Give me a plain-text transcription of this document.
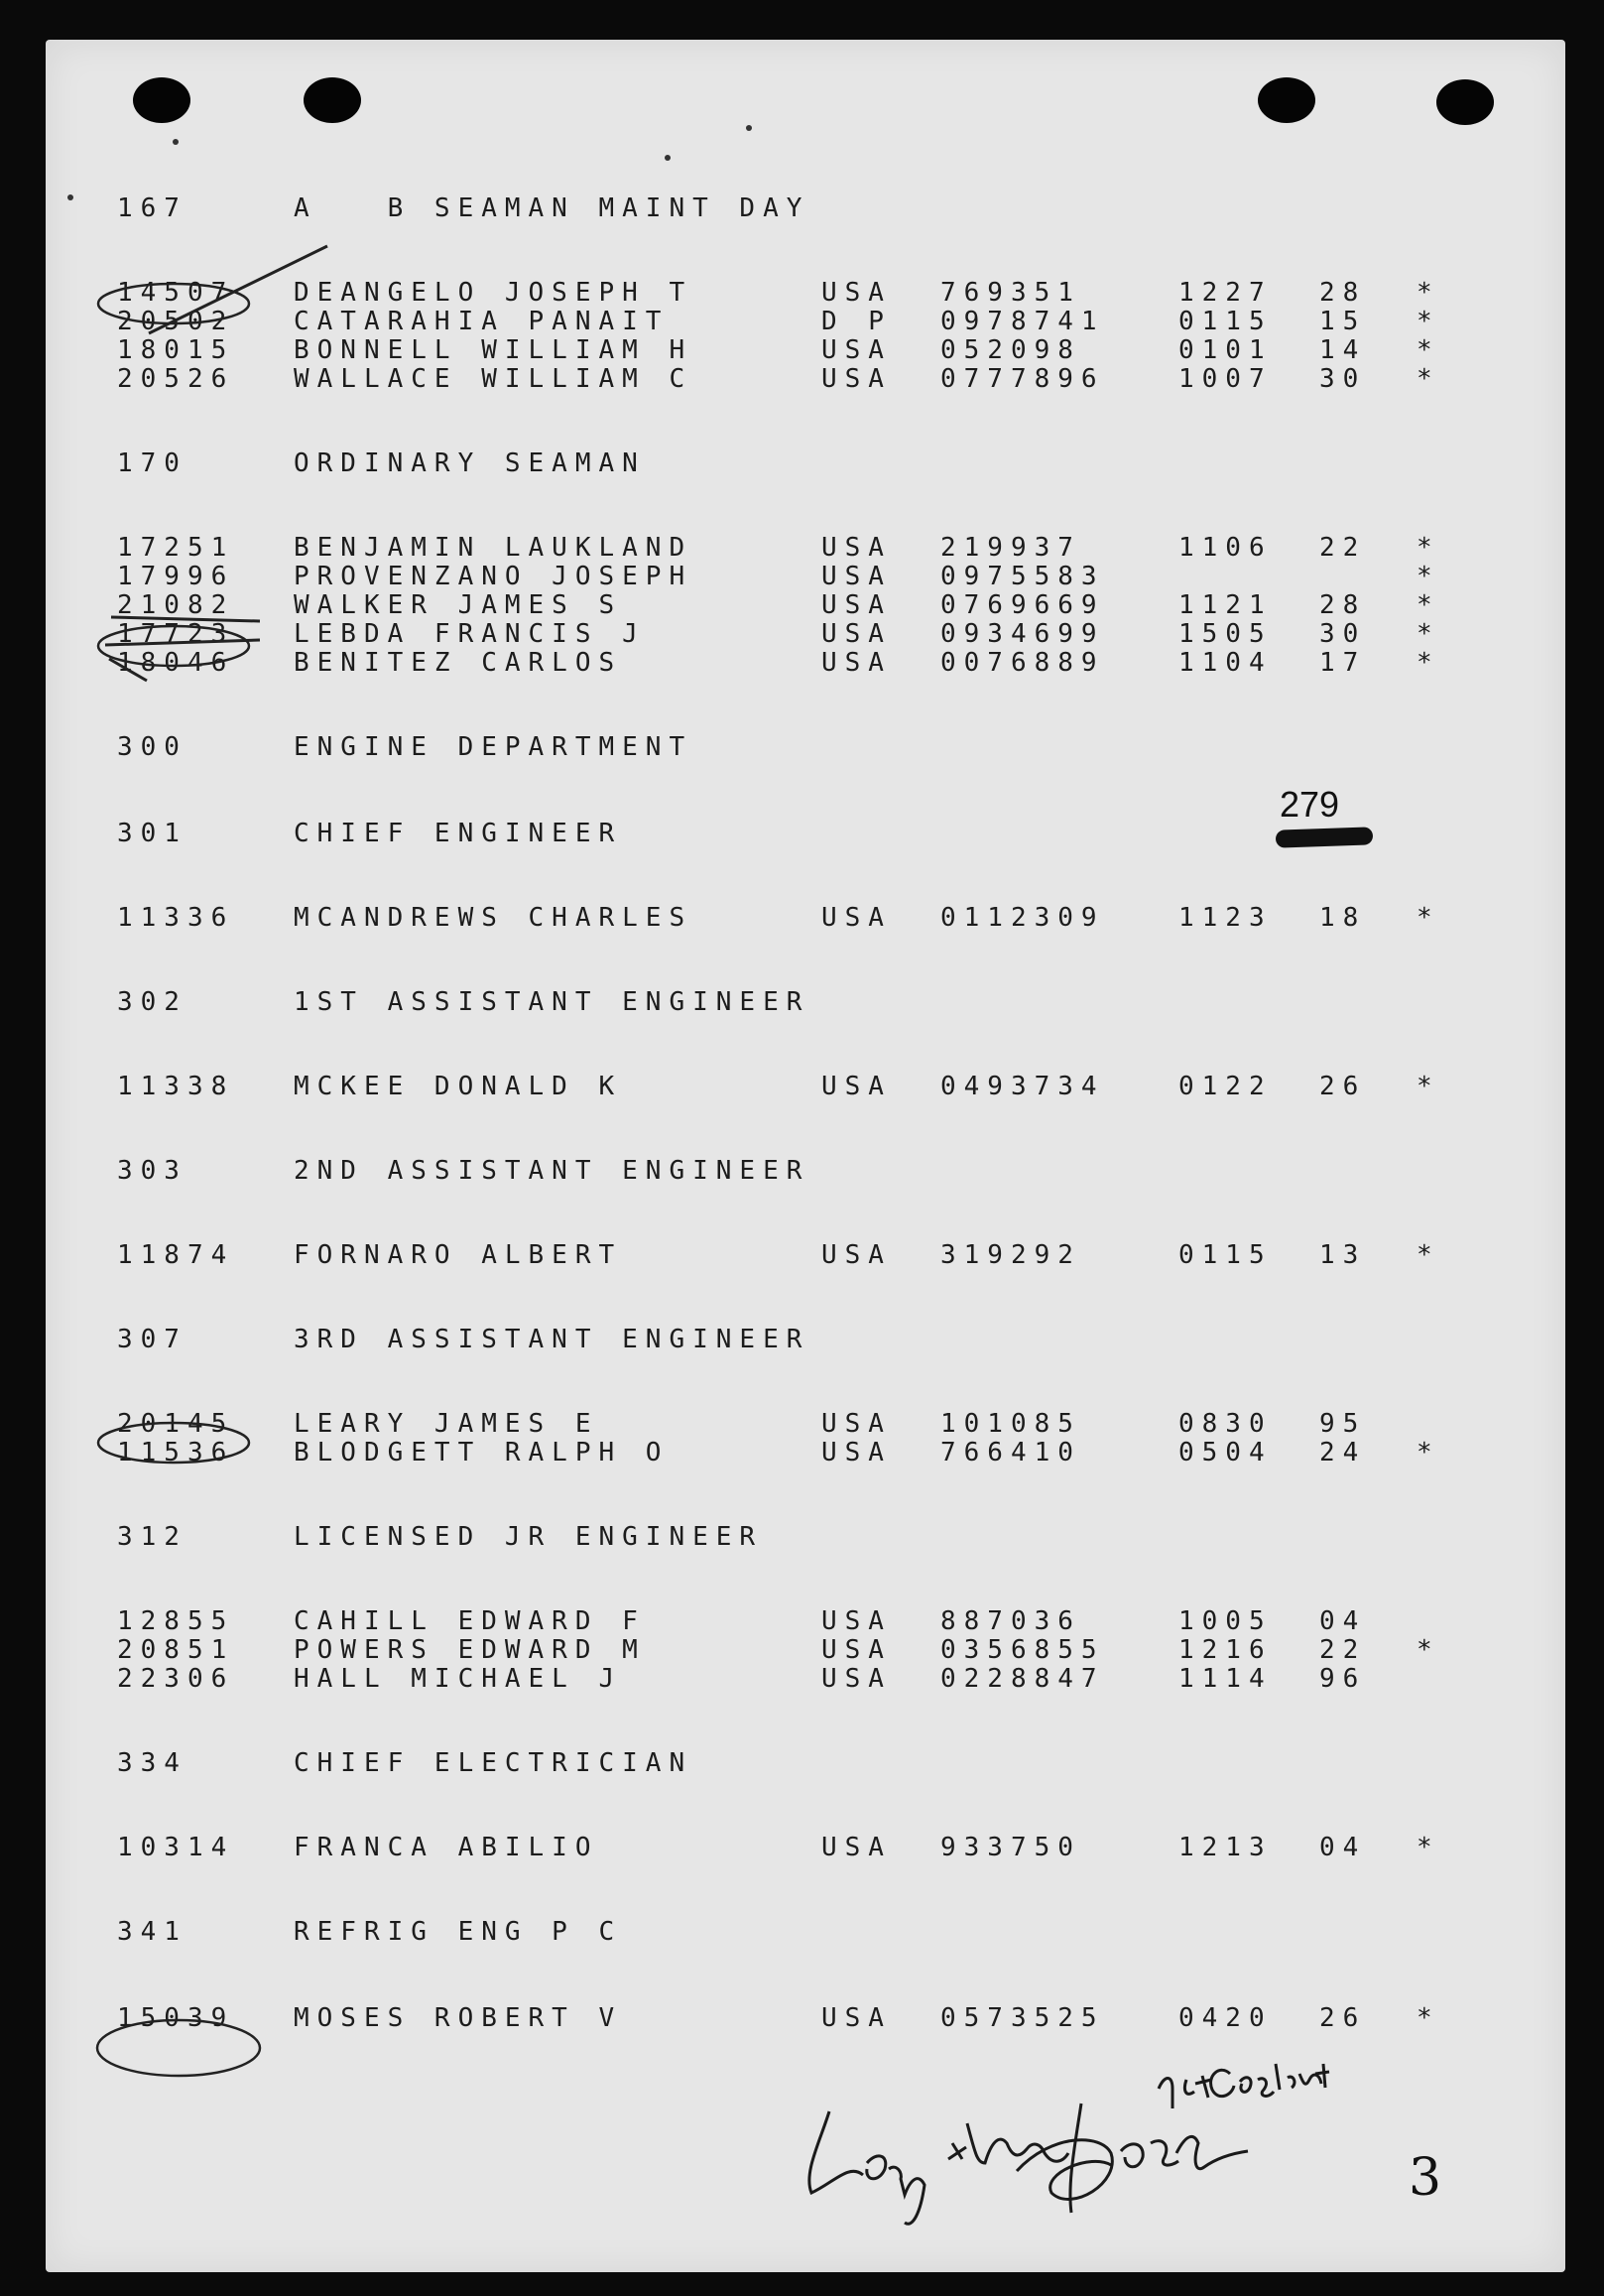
167	A   B SEAMAN MAINT DAY
14507 DEANGELO JOSEPH T	USA 769351	1227 28 *
20502 CATARAHIA PANAIT	D P 0978741	0115 15 *
18015 BONNELL WILLIAM H	USA 052098	0101 14 *
20526 WALLACE WILLIAM C	USA 0777896	1007 30 *
170	ORDINARY SEAMAN
17251 BENJAMIN LAUKLAND	USA 219937	1106 22 *
17996 PROVENZANO JOSEPH	USA 0975583	*
21082 WALKER JAMES S	USA 0769669	1121 28 *
17723 LEBDA FRANCIS J	USA 0934699	1505 30 *
18046 BENITEZ CARLOS	USA 0076889	1104 17 *
300	ENGINE DEPARTMENT
301	CHIEF ENGINEER
11336 MCANDREWS CHARLES	USA 0112309	1123 18 *
302	1ST ASSISTANT ENGINEER
11338 MCKEE DONALD K	USA 0493734	0122 26 *
303	2ND ASSISTANT ENGINEER
11874 FORNARO ALBERT	USA 319292	0115 13 *
307	3RD ASSISTANT ENGINEER
20145 LEARY JAMES E	USA 101085	0830 95
11536 BLODGETT RALPH O	USA 766410	0504 24 *
312	LICENSED JR ENGINEER
12855 CAHILL EDWARD F	USA 887036	1005 04
20851 POWERS EDWARD M	USA 0356855	1216 22 *
22306 HALL MICHAEL J	USA 0228847	1114 96
334	CHIEF ELECTRICIAN
10314 FRANCA ABILIO	USA 933750	1213 04 *
341	REFRIG ENG P C
15039 MOSES ROBERT V	USA 0573525	0420 26 *
279
3
